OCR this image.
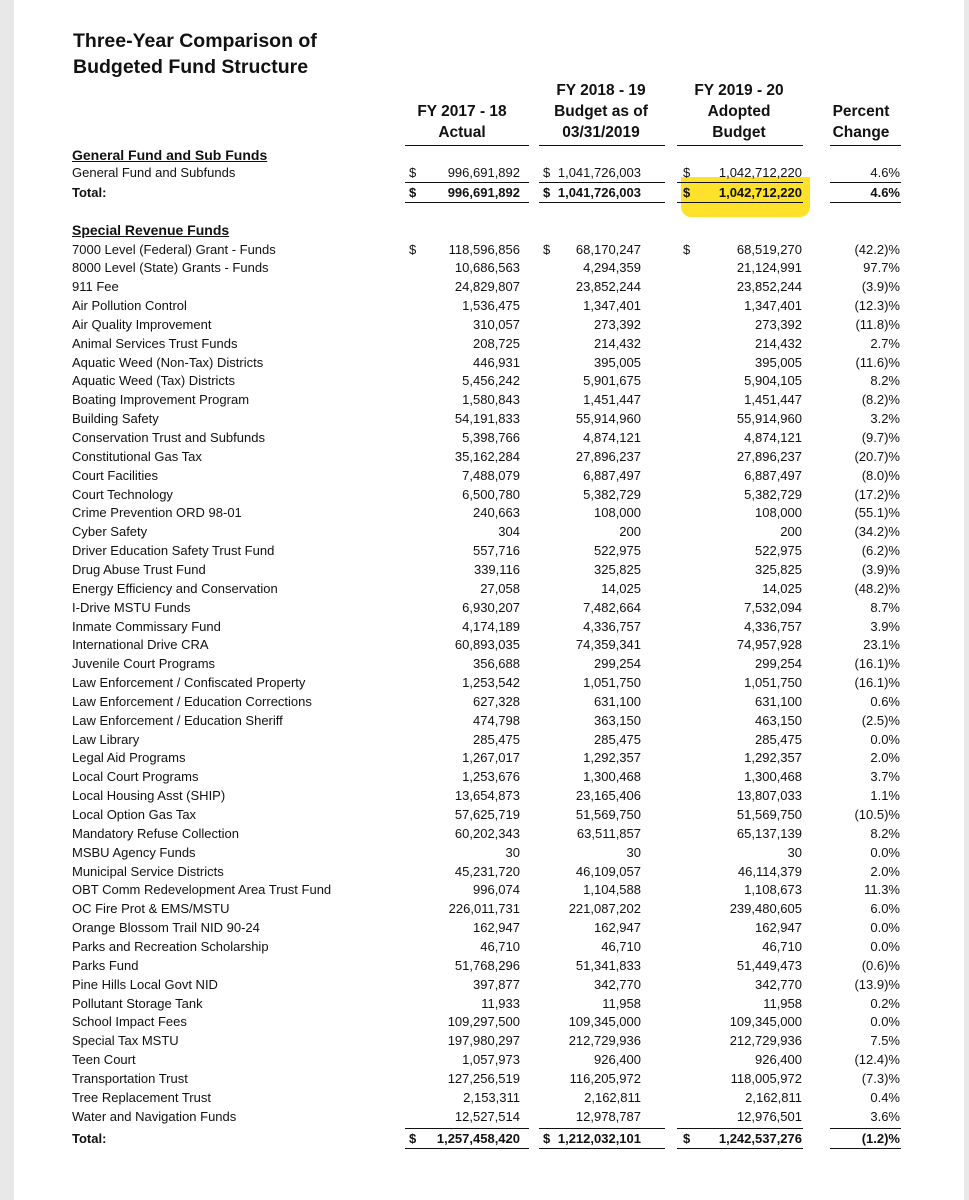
Three-Year Comparison of
Budgeted Fund Structure
FY 2017 - 18
Actual
FY 2018 - 19
Budget as of
03/31/2019
FY 2019 - 20
Adopted
Budget
Percent
Change
General Fund and Sub Funds
General Fund and Subfunds	$ 996,691,892 $ 1,041,726,003	$ 1,042,712,220	4.6%
Total:	$ 996,691,892 $ 1,041,726,003	$ 1,042,712,220	4.6%
Special Revenue Funds
7000 Level (Federal) Grant - Funds	$ 118,596,856 $ 68,170,247	$	68,519,270	(42.2)%
8000 Level (State) Grants - Funds	10,686,563	4,294,359	21,124,991	97.7%
911 Fee	24,829,807	23,852,244	23,852,244	(3.9)%
Air Pollution Control	1,536,475	1,347,401	1,347,401	(12.3)%
Air Quality Improvement	310,057	273,392	273,392	(11.8)%
Animal Services Trust Funds	208,725	214,432	214,432	2.7%
Aquatic Weed (Non-Tax) Districts	446,931	395,005	395,005	(11.6)%
Aquatic Weed (Tax) Districts	5,456,242	5,901,675	5,904,105	8.2%
Boating Improvement Program	1,580,843	1,451,447	1,451,447	(8.2)%
Building Safety	54,191,833	55,914,960	55,914,960	3.2%
Conservation Trust and Subfunds	5,398,766	4,874,121	4,874,121	(9.7)%
Constitutional Gas Tax	35,162,284	27,896,237	27,896,237	(20.7)%
Court Facilities	7,488,079	6,887,497	6,887,497	(8.0)%
Court Technology	6,500,780	5,382,729	5,382,729	(17.2)%
Crime Prevention ORD 98-01	240,663	108,000	108,000	(55.1)%
Cyber Safety	304	200	200	(34.2)%
Driver Education Safety Trust Fund	557,716	522,975	522,975	(6.2)%
Drug Abuse Trust Fund	339,116	325,825	325,825	(3.9)%
Energy Efficiency and Conservation	27,058	14,025	14,025	(48.2)%
I-Drive MSTU Funds	6,930,207	7,482,664	7,532,094	8.7%
Inmate Commissary Fund	4,174,189	4,336,757	4,336,757	3.9%
International Drive CRA	60,893,035	74,359,341	74,957,928	23.1%
Juvenile Court Programs	356,688	299,254	299,254	(16.1)%
Law Enforcement / Confiscated Property	1,253,542	1,051,750	1,051,750	(16.1)%
Law Enforcement / Education Corrections	627,328	631,100	631,100	0.6%
Law Enforcement / Education Sheriff	474,798	363,150	463,150	(2.5)%
Law Library	285,475	285,475	285,475	0.0%
Legal Aid Programs	1,267,017	1,292,357	1,292,357	2.0%
Local Court Programs	1,253,676	1,300,468	1,300,468	3.7%
Local Housing Asst (SHIP)	13,654,873	23,165,406	13,807,033	1.1%
Local Option Gas Tax	57,625,719	51,569,750	51,569,750	(10.5)%
Mandatory Refuse Collection	60,202,343	63,511,857	65,137,139	8.2%
MSBU Agency Funds	30	30	30	0.0%
Municipal Service Districts	45,231,720	46,109,057	46,114,379	2.0%
OBT Comm Redevelopment Area Trust Fund	996,074	1,104,588	1,108,673	11.3%
OC Fire Prot & EMS/MSTU	226,011,731	221,087,202	239,480,605	6.0%
Orange Blossom Trail NID 90-24	162,947	162,947	162,947	0.0%
Parks and Recreation Scholarship	46,710	46,710	46,710	0.0%
Parks Fund	51,768,296	51,341,833	51,449,473	(0.6)%
Pine Hills Local Govt NID	397,877	342,770	342,770	(13.9)%
Pollutant Storage Tank	11,933	11,958	11,958	0.2%
School Impact Fees	109,297,500	109,345,000	109,345,000	0.0%
Special Tax MSTU	197,980,297	212,729,936	212,729,936	7.5%
Teen Court	1,057,973	926,400	926,400	(12.4)%
Transportation Trust	127,256,519	116,205,972	118,005,972	(7.3)%
Tree Replacement Trust	2,153,311	2,162,811	2,162,811	0.4%
Water and Navigation Funds	12,527,514	12,978,787	12,976,501	3.6%
Total:	$ 1,257,458,420 $ 1,212,032,101	$ 1,242,537,276	(1.2)%
